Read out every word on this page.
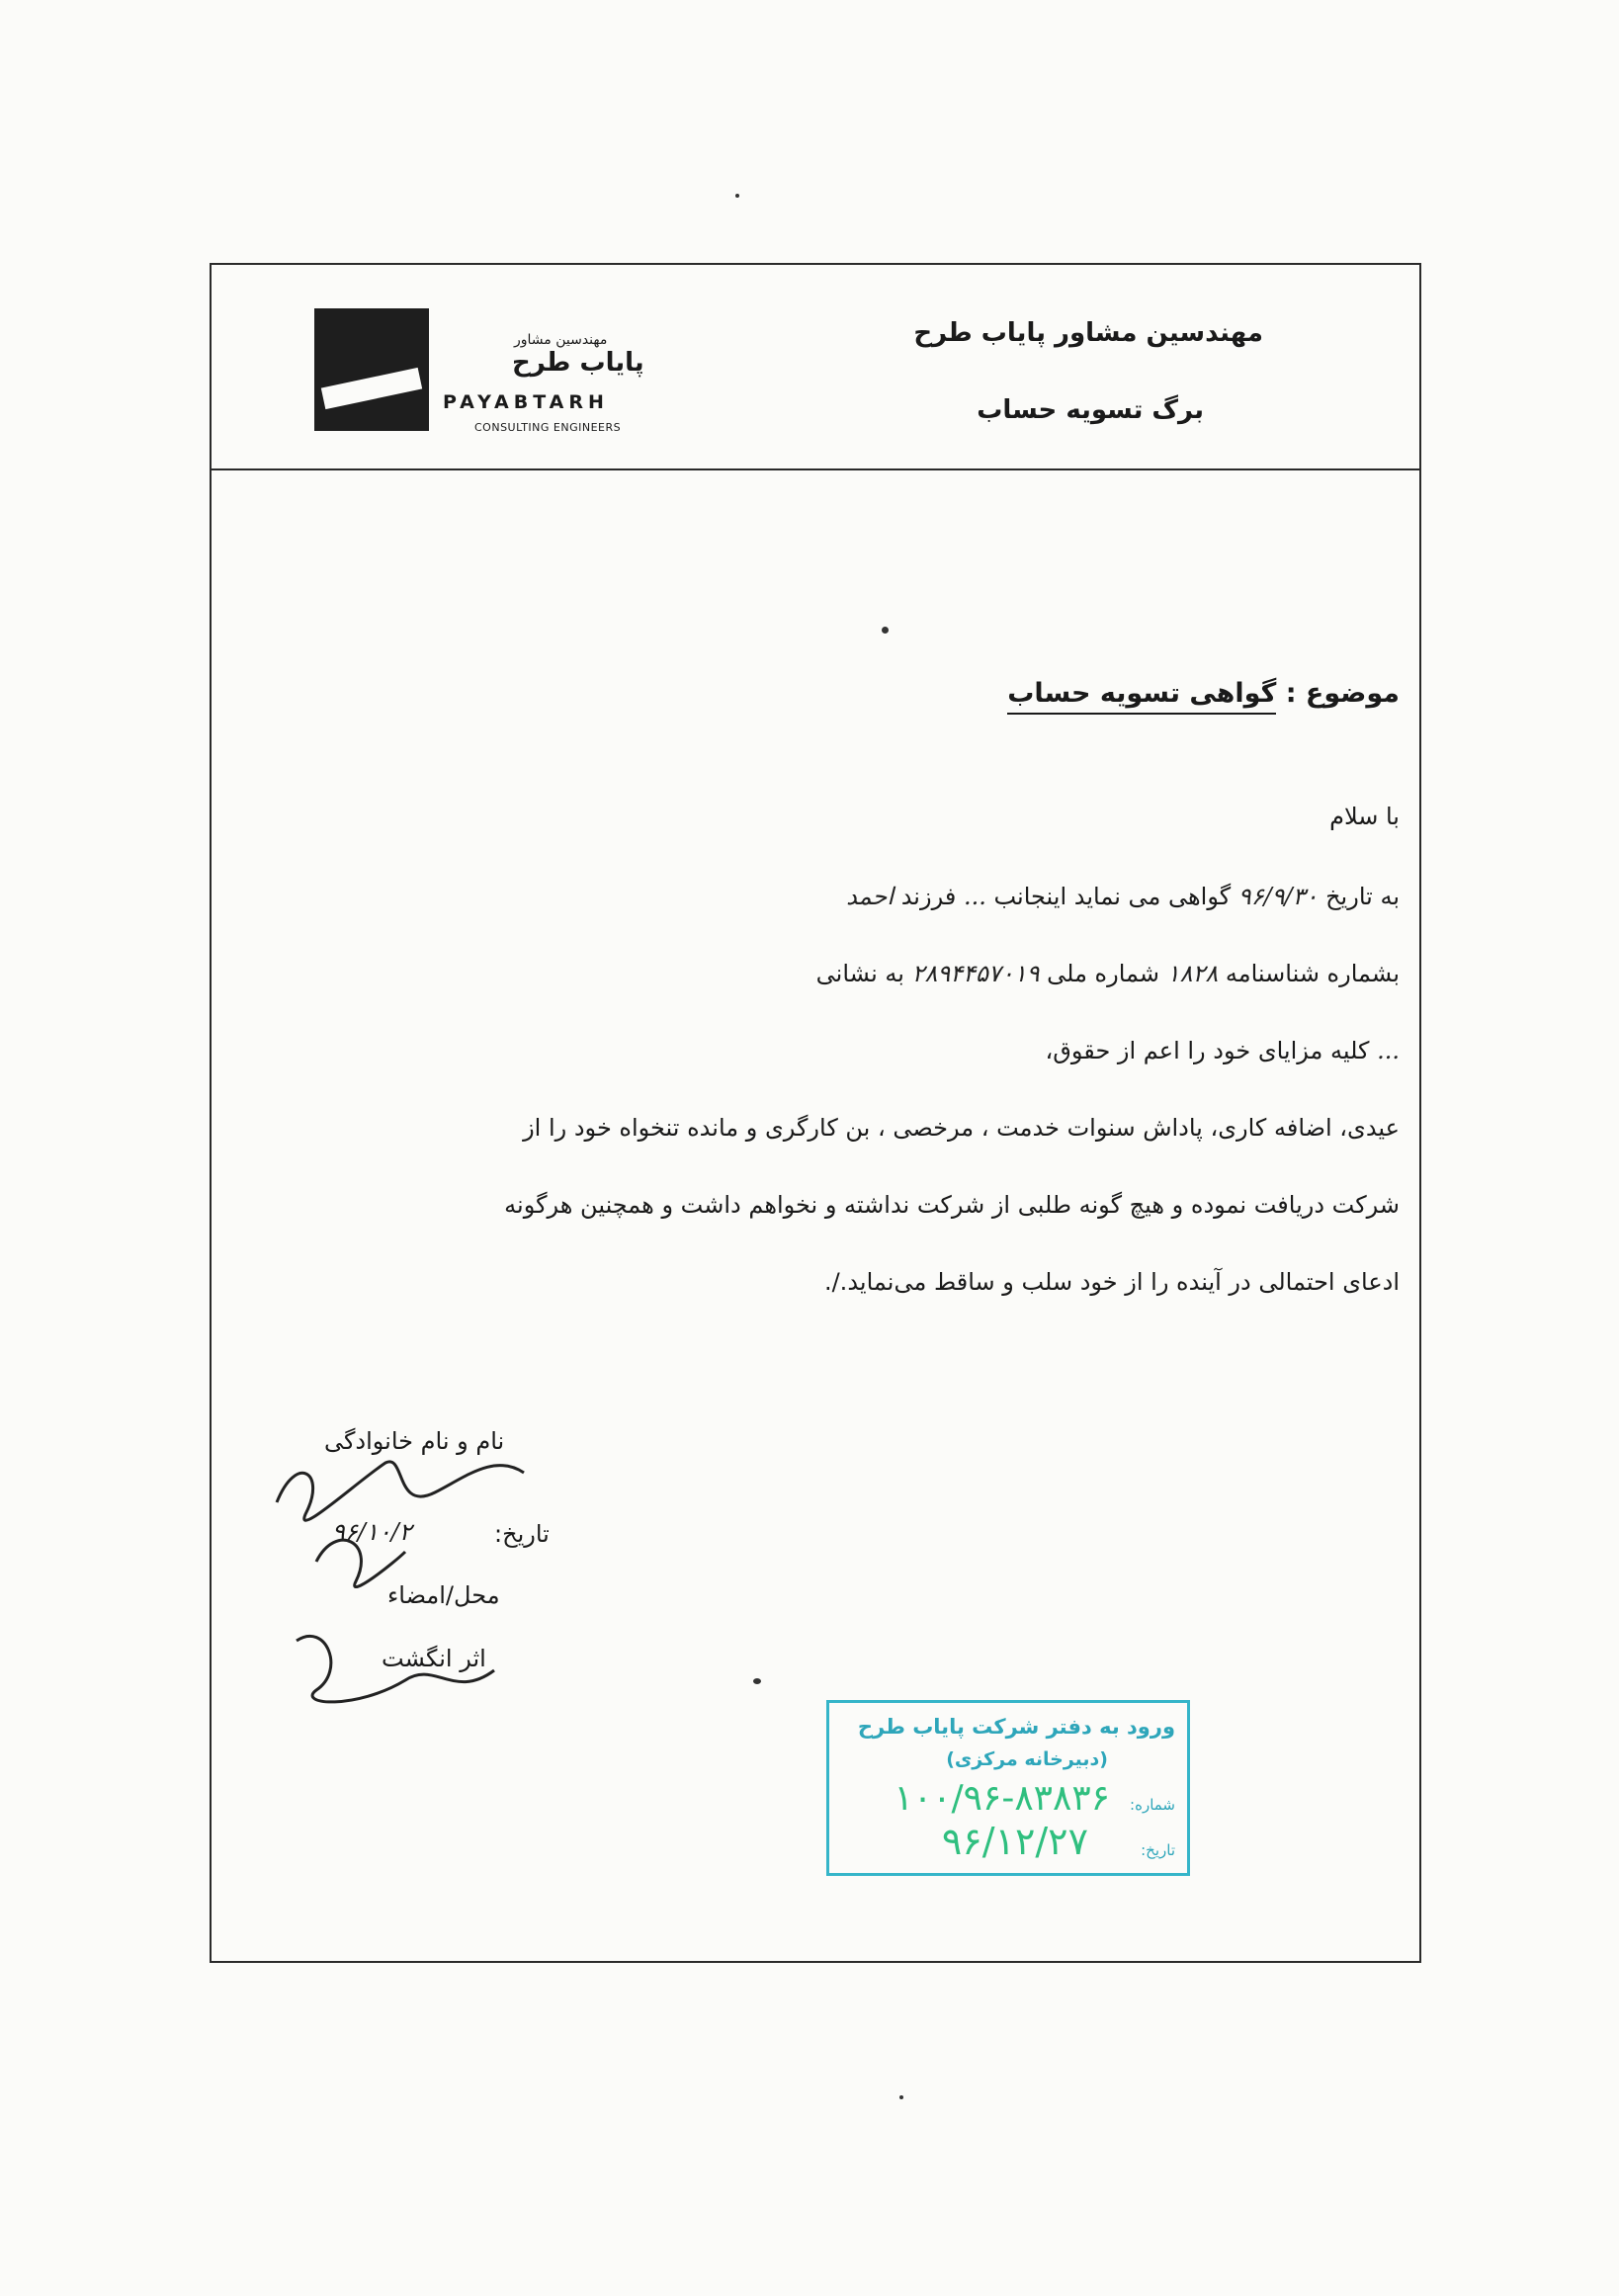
مهندسین مشاور
پایاب طرح
PAYABTARH
CONSULTING ENGINEERS
مهندسین مشاور پایاب طرح
برگ تسویه حساب
موضوع : گواهی تسویه حساب
با سلام
به تاریخ ۹۶/۹/۳۰ گواهی می نماید اینجانب ... فرزند احمد
بشماره شناسنامه ۱۸۲۸ شماره ملی ۲۸۹۴۴۵۷۰۱۹ به نشانی
... کلیه مزایای خود را اعم از حقوق،
عیدی، اضافه کاری، پاداش سنوات خدمت ، مرخصی ، بن کارگری و مانده تنخواه خود را از
شرکت دریافت نموده و هیچ گونه طلبی از شرکت نداشته و نخواهم داشت و همچنین هرگونه
ادعای احتمالی در آینده را از خود سلب و ساقط می‌نماید./.
نام و نام خانوادگی
۹۶/۱۰/۲	تاریخ:
محل/امضاء
اثر انگشت
ورود به دفتر شرکت پایاب طرح
(دبیرخانه مرکزی)
شماره:
۱۰۰/۹۶-۸۳۸۳۶
تاریخ:
۹۶/۱۲/۲۷
